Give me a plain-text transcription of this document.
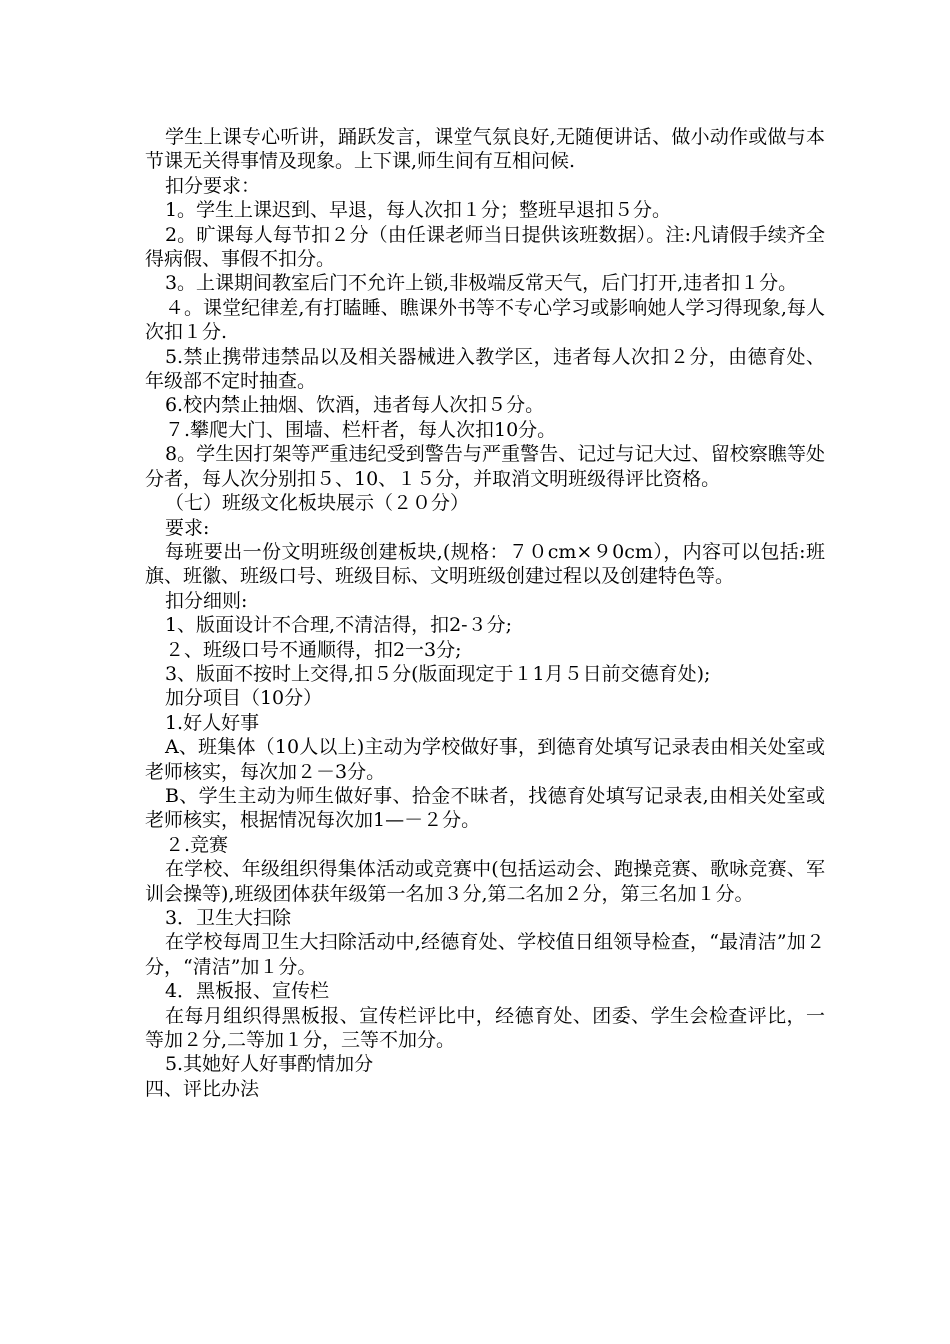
学生上课专心听讲，踊跃发言，课堂气氛良好,无随便讲话、做小动作或做与本节课无关得事情及现象。上下课,师生间有互相问候.

扣分要求：

1。学生上课迟到、早退，每人次扣１分；整班早退扣５分。

2。旷课每人每节扣２分（由任课老师当日提供该班数据）。注:凡请假手续齐全得病假、事假不扣分。

3。上课期间教室后门不允许上锁,非极端反常天气，后门打开,违者扣１分。

４。课堂纪律差,有打瞌睡、瞧课外书等不专心学习或影响她人学习得现象,每人次扣１分.

5.禁止携带违禁品以及相关器械进入教学区，违者每人次扣２分，由德育处、年级部不定时抽查。

6.校内禁止抽烟、饮酒，违者每人次扣５分。

７.攀爬大门、围墙、栏杆者，每人次扣10分。

8。学生因打架等严重违纪受到警告与严重警告、记过与记大过、留校察瞧等处分者，每人次分别扣５、10、１５分，并取消文明班级得评比资格。

（七）班级文化板块展示（２０分）

要求:

每班要出一份文明班级创建板块,(规格：７０cm×９0cm），内容可以包括:班旗、班徽、班级口号、班级目标、文明班级创建过程以及创建特色等。

扣分细则:

1、版面设计不合理,不清洁得，扣2-３分;

２、班级口号不通顺得，扣2一3分;

3、版面不按时上交得,扣５分(版面现定于１1月５日前交德育处);

加分项目（10分）

1.好人好事

A、班集体（10人以上)主动为学校做好事，到德育处填写记录表由相关处室或老师核实，每次加２－3分。

B、学生主动为师生做好事、拾金不昧者，找德育处填写记录表,由相关处室或老师核实，根据情况每次加1—－２分。

２.竞赛

在学校、年级组织得集体活动或竞赛中(包括运动会、跑操竞赛、歌咏竞赛、军训会操等),班级团体获年级第一名加３分,第二名加２分，第三名加１分。

3．卫生大扫除

在学校每周卫生大扫除活动中,经德育处、学校值日组领导检查，“最清洁”加２分，“清洁”加１分。

4．黑板报、宣传栏

在每月组织得黑板报、宣传栏评比中，经德育处、团委、学生会检查评比，一等加２分,二等加１分，三等不加分。

5.其她好人好事酌情加分

四、评比办法
